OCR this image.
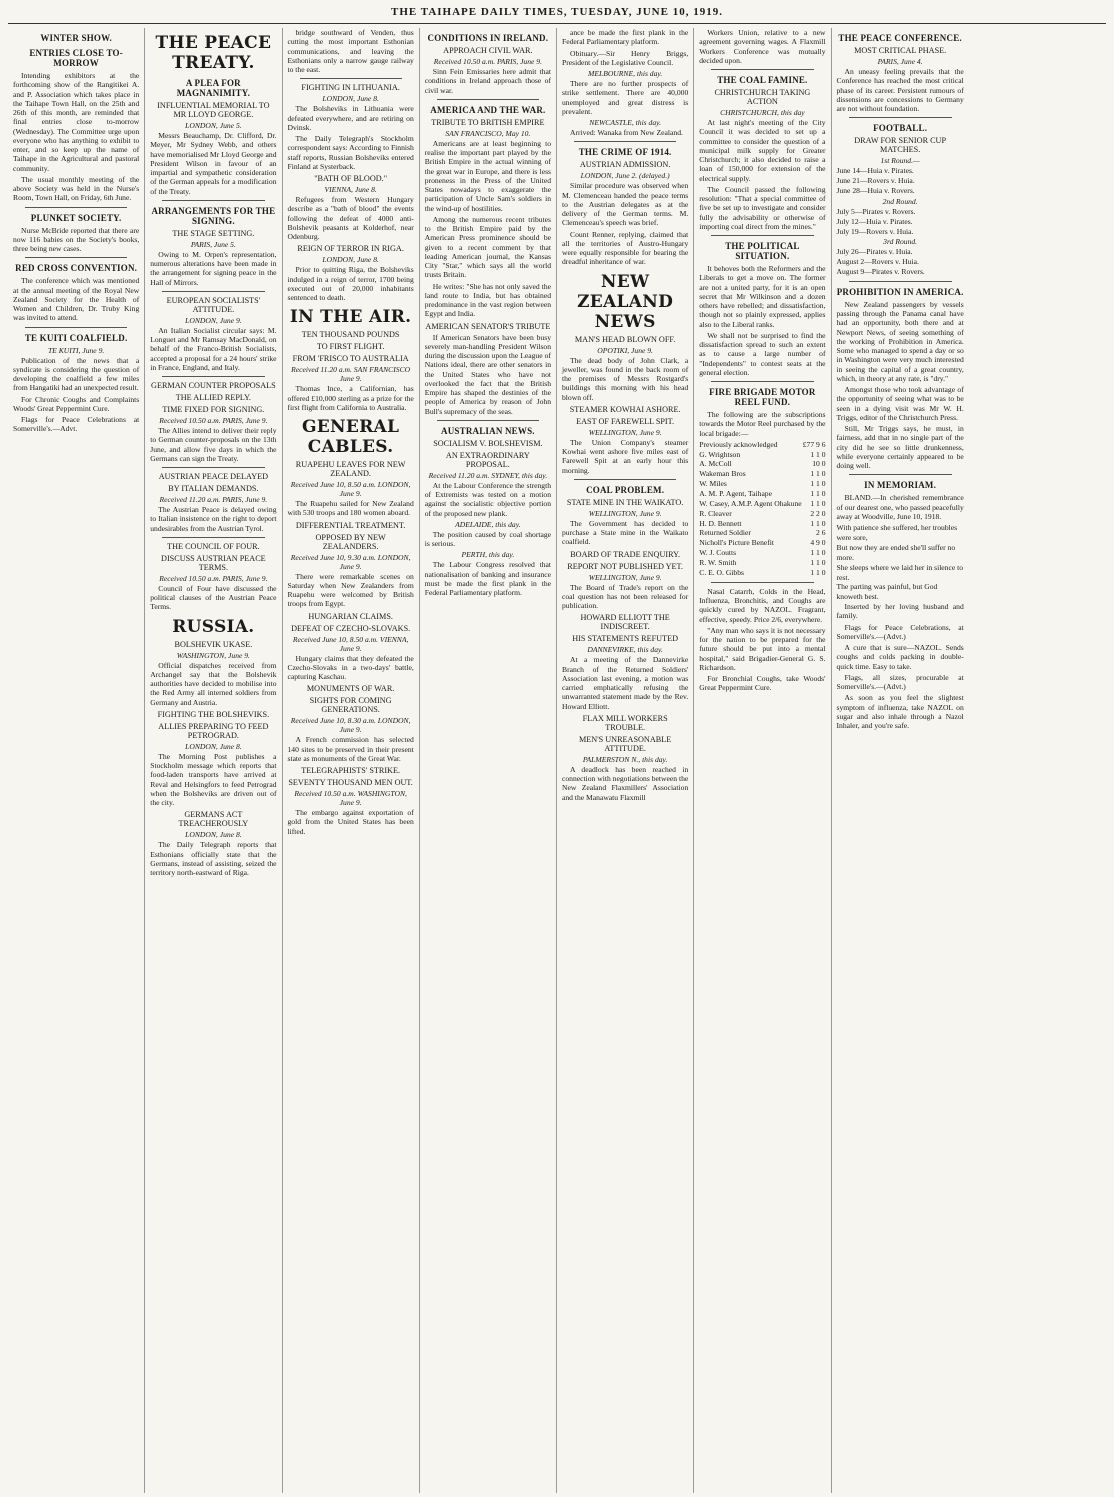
THE TAIHAPE DAILY TIMES, TUESDAY, JUNE 10, 1919.
WINTER SHOW.
ENTRIES CLOSE TO-MORROW

Intending exhibitors at the forthcoming show of the Rangitikei A. and P. Association which takes place in the Taihape Town Hall, on the 25th and 26th of this month, are reminded that final entries close to-morrow (Wednesday). The Committee urge upon everyone who has anything to exhibit to enter, and so keep up the name of Taihape in the Agricultural and pastoral community.

The usual monthly meeting of the above Society was held in the Nurse's Room, Town Hall, on Friday, 6th June.

PLUNKET SOCIETY.

Nurse McBride reported that there are now 116 babies on the Society's books, three being new cases.

RED CROSS CONVENTION.

The conference which was mentioned at the annual meeting of the Royal New Zealand Society for the Health of Women and Children, Dr. Truby King was invited to attend.

TE KUITI COALFIELD.
TE KUITI, June 9.

Publication of the news that a syndicate is considering the question of developing the coalfield a few miles from Hangatiki had an unexpected result.

For Chronic Coughs and Complaints Woods' Great Peppermint Cure.

Flags for Peace Celebrations at Somerville's.—Advt.

THE PEACE TREATY.
A PLEA FOR MAGNANIMITY.
INFLUENTIAL MEMORIAL TO MR LLOYD GEORGE.
LONDON, June 5.

Messrs Beauchamp, Dr. Clifford, Dr. Meyer, Mr Sydney Webb, and others have memorialised Mr Lloyd George and President Wilson in favour of an impartial and sympathetic consideration of the German appeals for a modification of the Treaty.

ARRANGEMENTS FOR THE SIGNING.
THE STAGE SETTING.
PARIS, June 5.

Owing to M. Orpen's representation, numerous alterations have been made in the arrangement for signing peace in the Hall of Mirrors.

EUROPEAN SOCIALISTS' ATTITUDE.
LONDON, June 9.

An Italian Socialist circular says: M. Longuet and Mr Ramsay MacDonald, on behalf of the Franco-British Socialists, accepted a proposal for a 24 hours' strike in France, England, and Italy.

GERMAN COUNTER PROPOSALS
THE ALLIED REPLY.
TIME FIXED FOR SIGNING.
Received 10.50 a.m. PARIS, June 9.

The Allies intend to deliver their reply to German counter-proposals on the 13th June, and allow five days in which the Germans can sign the Treaty.

AUSTRIAN PEACE DELAYED
BY ITALIAN DEMANDS.
Received 11.20 a.m. PARIS, June 9.

The Austrian Peace is delayed owing to Italian insistence on the right to deport undesirables from the Austrian Tyrol.

THE COUNCIL OF FOUR.
DISCUSS AUSTRIAN PEACE TERMS.
Received 10.50 a.m. PARIS, June 9.

Council of Four have discussed the political clauses of the Austrian Peace Terms.

RUSSIA.
BOLSHEVIK UKASE.
WASHINGTON, June 9.

Official dispatches received from Archangel say that the Bolshevik authorities have decided to mobilise into the Red Army all interned soldiers from Germany and Austria.

FIGHTING THE BOLSHEVIKS.
ALLIES PREPARING TO FEED PETROGRAD.
LONDON, June 8.

The Morning Post publishes a Stockholm message which reports that food-laden transports have arrived at Reval and Helsingfors to feed Petrograd when the Bolsheviks are driven out of the city.

GERMANS ACT TREACHEROUSLY
LONDON, June 8.

The Daily Telegraph reports that Esthonians officially state that the Germans, instead of assisting, seized the territory north-eastward of Riga.

bridge southward of Venden, thus cutting the most important Esthonian communications, and leaving the Esthonians only a narrow gauge railway to the east.

FIGHTING IN LITHUANIA.
LONDON, June 8.

The Bolsheviks in Lithuania were defeated everywhere, and are retiring on Dvinsk.

The Daily Telegraph's Stockholm correspondent says: According to Finnish staff reports, Russian Bolsheviks entered Finland at Systerback.

"BATH OF BLOOD."
VIENNA, June 8.

Refugees from Western Hungary describe as a "bath of blood" the events following the defeat of 4000 anti-Bolshevik peasants at Kolderhof, near Odenburg.

REIGN OF TERROR IN RIGA.
LONDON, June 8.

Prior to quitting Riga, the Bolsheviks indulged in a reign of terror, 1700 being executed out of 20,000 inhabitants sentenced to death.

IN THE AIR.
TEN THOUSAND POUNDS
TO FIRST FLIGHT.
FROM 'FRISCO TO AUSTRALIA
Received 11.20 a.m. SAN FRANCISCO June 9.

Thomas Ince, a Californian, has offered £10,000 sterling as a prize for the first flight from California to Australia.

GENERAL CABLES.
RUAPEHU LEAVES FOR NEW ZEALAND.
Received June 10, 8.50 a.m. LONDON, June 9.

The Ruapehu sailed for New Zealand with 530 troops and 180 women aboard.

DIFFERENTIAL TREATMENT.
OPPOSED BY NEW ZEALANDERS.
Received June 10, 9.30 a.m. LONDON, June 9.

There were remarkable scenes on Saturday when New Zealanders from Ruapehu were welcomed by British troops from Egypt.

HUNGARIAN CLAIMS.
DEFEAT OF CZECHO-SLOVAKS.
Received June 10, 8.50 a.m. VIENNA, June 9.

Hungary claims that they defeated the Czecho-Slovaks in a two-days' battle, capturing Kaschau.

MONUMENTS OF WAR.
SIGHTS FOR COMING GENERATIONS.
Received June 10, 8.30 a.m. LONDON, June 9.

A French commission has selected 140 sites to be preserved in their present state as monuments of the Great War.

TELEGRAPHISTS' STRIKE.
SEVENTY THOUSAND MEN OUT.
Received 10.50 a.m. WASHINGTON, June 9.

The embargo against exportation of gold from the United States has been lifted.

CONDITIONS IN IRELAND.
APPROACH CIVIL WAR.
Received 10.50 a.m. PARIS, June 9.

Sinn Fein Emissaries here admit that conditions in Ireland approach those of civil war.

AMERICA AND THE WAR.
TRIBUTE TO BRITISH EMPIRE
SAN FRANCISCO, May 10.

Americans are at least beginning to realise the important part played by the British Empire in the actual winning of the great war in Europe, and there is less proneness in the Press of the United States nowadays to exaggerate the participation of Uncle Sam's soldiers in the wind-up of hostilities.

Among the numerous recent tributes to the British Empire paid by the American Press prominence should be given to a recent comment by that leading American journal, the Kansas City "Star," which says all the world trusts Britain.

He writes: "She has not only saved the land route to India, but has obtained predominance in the vast region between Egypt and India.

AMERICAN SENATOR'S TRIBUTE

If American Senators have been busy severely man-handling President Wilson during the discussion upon the League of Nations ideal, there are other senators in the United States who have not overlooked the fact that the British Empire has shaped the destinies of the people of America by reason of John Bull's supremacy of the seas.

AUSTRALIAN NEWS.
SOCIALISM V. BOLSHEVISM.
AN EXTRAORDINARY PROPOSAL.
Received 11.20 a.m. SYDNEY, this day.

At the Labour Conference the strength of Extremists was tested on a motion against the socialistic objective portion of the proposed new plank.

ADELAIDE, this day.

The position caused by coal shortage is serious.

PERTH, this day.

The Labour Congress resolved that nationalisation of banking and insurance must be made the first plank in the Federal Parliamentary platform.

ance be made the first plank in the Federal Parliamentary platform.

Obituary.—Sir Henry Briggs, President of the Legislative Council.

MELBOURNE, this day.

There are no further prospects of strike settlement. There are 40,000 unemployed and great distress is prevalent.

NEWCASTLE, this day.

Arrived: Wanaka from New Zealand.

THE CRIME OF 1914.
AUSTRIAN ADMISSION.
LONDON, June 2. (delayed.)

Similar procedure was observed when M. Clemenceau handed the peace terms to the Austrian delegates as at the delivery of the German terms. M. Clemenceau's speech was brief.

Count Renner, replying, claimed that all the territories of Austro-Hungary were equally responsible for bearing the dreadful inheritance of war.

NEW ZEALAND NEWS
MAN'S HEAD BLOWN OFF.
OPOTIKI, June 9.

The dead body of John Clark, a jeweller, was found in the back room of the premises of Messrs Rostgard's buildings this morning with his head blown off.

STEAMER KOWHAI ASHORE.
EAST OF FAREWELL SPIT.
WELLINGTON, June 9.

The Union Company's steamer Kowhai went ashore five miles east of Farewell Spit at an early hour this morning.

COAL PROBLEM.
STATE MINE IN THE WAIKATO.
WELLINGTON, June 9.

The Government has decided to purchase a State mine in the Waikato coalfield.

BOARD OF TRADE ENQUIRY.
REPORT NOT PUBLISHED YET.
WELLINGTON, June 9.

The Board of Trade's report on the coal question has not been released for publication.

HOWARD ELLIOTT THE INDISCREET.
HIS STATEMENTS REFUTED
DANNEVIRKE, this day.

At a meeting of the Dannevirke Branch of the Returned Soldiers' Association last evening, a motion was carried emphatically refusing the unwarranted statement made by the Rev. Howard Elliott.

FLAX MILL WORKERS TROUBLE.
MEN'S UNREASONABLE ATTITUDE.
PALMERSTON N., this day.

A deadlock has been reached in connection with negotiations between the New Zealand Flaxmillers' Association and the Manawatu Flaxmill

Workers Union, relative to a new agreement governing wages. A Flaxmill Workers Conference was mutually decided upon.

THE COAL FAMINE.
CHRISTCHURCH TAKING ACTION
CHRISTCHURCH, this day

At last night's meeting of the City Council it was decided to set up a committee to consider the question of a municipal milk supply for Greater Christchurch; it also decided to raise a loan of 150,000 for extension of the electrical supply.

The Council passed the following resolution: "That a special committee of five be set up to investigate and consider fully the advisability or otherwise of importing coal direct from the mines."

THE POLITICAL SITUATION.

It behoves both the Reformers and the Liberals to get a move on. The former are not a united party, for it is an open secret that Mr Wilkinson and a dozen others have rebelled; and dissatisfaction, though not so plainly expressed, applies also to the Liberal ranks.

We shall not be surprised to find the dissatisfaction spread to such an extent as to cause a large number of "Independents" to contest seats at the general election.

FIRE BRIGADE MOTOR REEL FUND.

The following are the subscriptions towards the Motor Reel purchased by the local brigade:—

Previously acknowledged	£77 9 6
G. Wrightson	1 1 0
A. McColl	10 0
Wakeman Bros	1 1 0
W. Miles	1 1 0
A. M. P. Agent, Taihape	1 1 0
W. Casey, A.M.P. Agent Ohakune 1 1 0
R. Cleaver	2 2 0
H. D. Bennett	1 1 0
Returned Soldier	2 6
Nicholl's Picture Benefit	4 9 0
W. J. Coutts	1 1 0
R. W. Smith	1 1 0
C. E. O. Gibbs	1 1 0

Nasal Catarrh, Colds in the Head, Influenza, Bronchitis, and Coughs are quickly cured by NAZOL. Fragrant, effective, speedy. Price 2/6, everywhere.

"Any man who says it is not necessary for the nation to be prepared for the future should be put into a mental hospital," said Brigadier-General G. S. Richardson.

For Bronchial Coughs, take Woods' Great Peppermint Cure.

THE PEACE CONFERENCE.
MOST CRITICAL PHASE.
PARIS, June 4.

An uneasy feeling prevails that the Conference has reached the most critical phase of its career. Persistent rumours of dissensions are concessions to Germany are not without foundation.

FOOTBALL.
DRAW FOR SENIOR CUP MATCHES.
1st Round.—
June 14—Huia v. Pirates.
June 21—Rovers v. Huia.
June 28—Huia v. Rovers.
2nd Round.
July 5—Pirates v. Rovers.
July 12—Huia v. Pirates.
July 19—Rovers v. Huia.
3rd Round.
July 26—Pirates v. Huia.
August 2—Rovers v. Huia.
August 9—Pirates v. Rovers.
PROHIBITION IN AMERICA.

New Zealand passengers by vessels passing through the Panama canal have had an opportunity, both there and at Newport News, of seeing something of the working of Prohibition in America. Some who managed to spend a day or so in Washington were very much interested in seeing the capital of a great country, which, in theory at any rate, is "dry."

Amongst those who took advantage of the opportunity of seeing what was to be seen in a dying visit was Mr W. H. Triggs, editor of the Christchurch Press.

Still, Mr Triggs says, he must, in fairness, add that in no single part of the city did he see so little drunkenness, while everyone certainly appeared to be doing well.

IN MEMORIAM.

BLAND.—In cherished remembrance of our dearest one, who passed peacefully away at Woodville, June 10, 1918.

With patience she suffered, her troubles were sore,
But now they are ended she'll suffer no more.
She sleeps where we laid her in silence to rest.
The parting was painful, but God knoweth best.

Inserted by her loving husband and family.

Flags for Peace Celebrations, at Somerville's.—(Advt.)

A cure that is sure—NAZOL. Sends coughs and colds packing in double-quick time. Easy to take.

Flags, all sizes, procurable at Somerville's.—(Advt.)

As soon as you feel the slightest symptom of influenza, take NAZOL on sugar and also inhale through a Nazol Inhaler, and you're safe.
